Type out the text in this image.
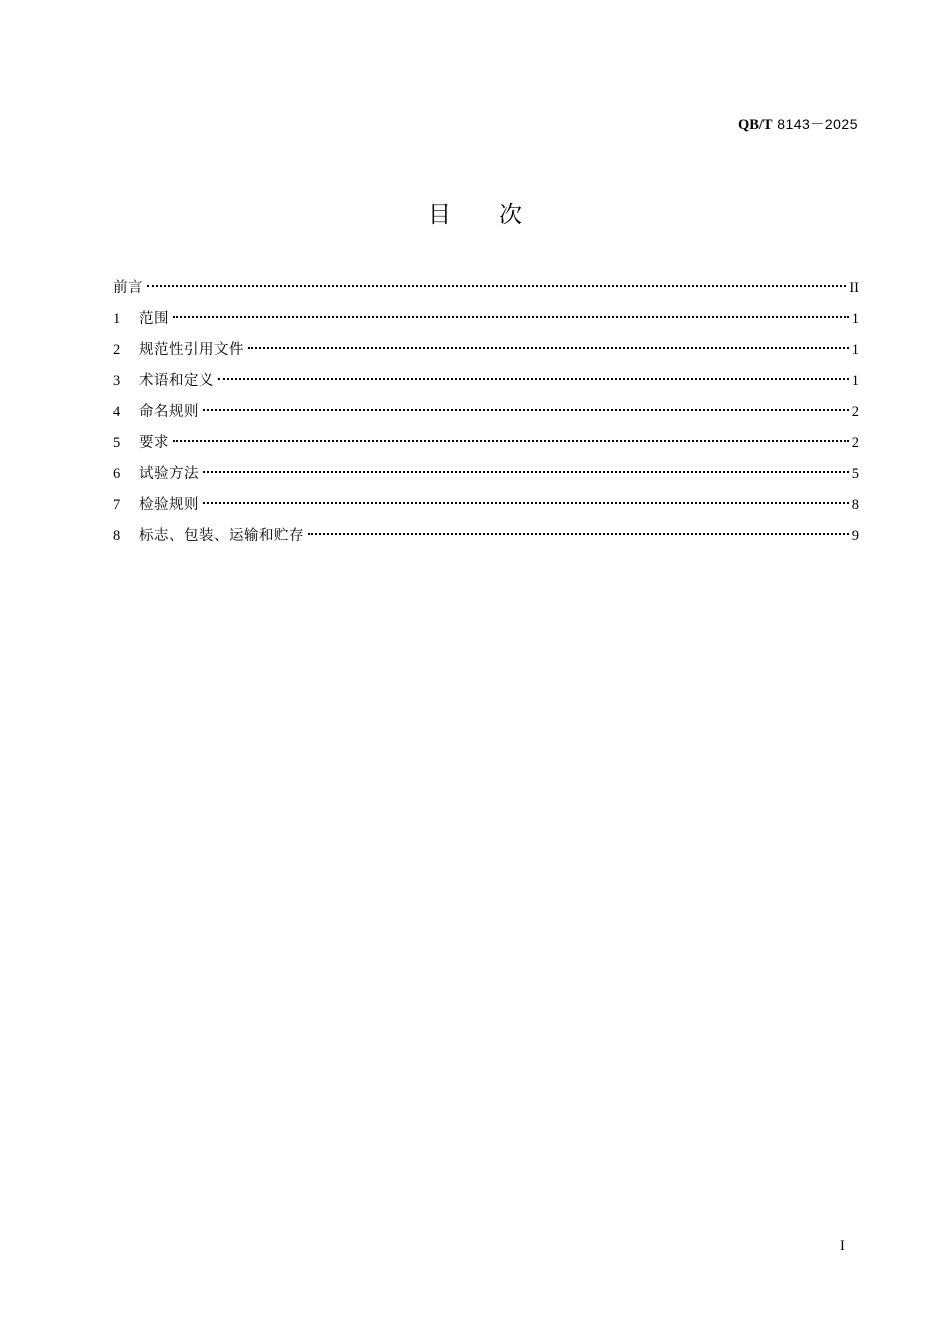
QB/T 8143－2025
目 次
前言	II
1	范围	1
2	规范性引用文件	1
3	术语和定义	1
4	命名规则	2
5	要求	2
6	试验方法	5
7	检验规则	8
8	标志、包装、运输和贮存	9
I
